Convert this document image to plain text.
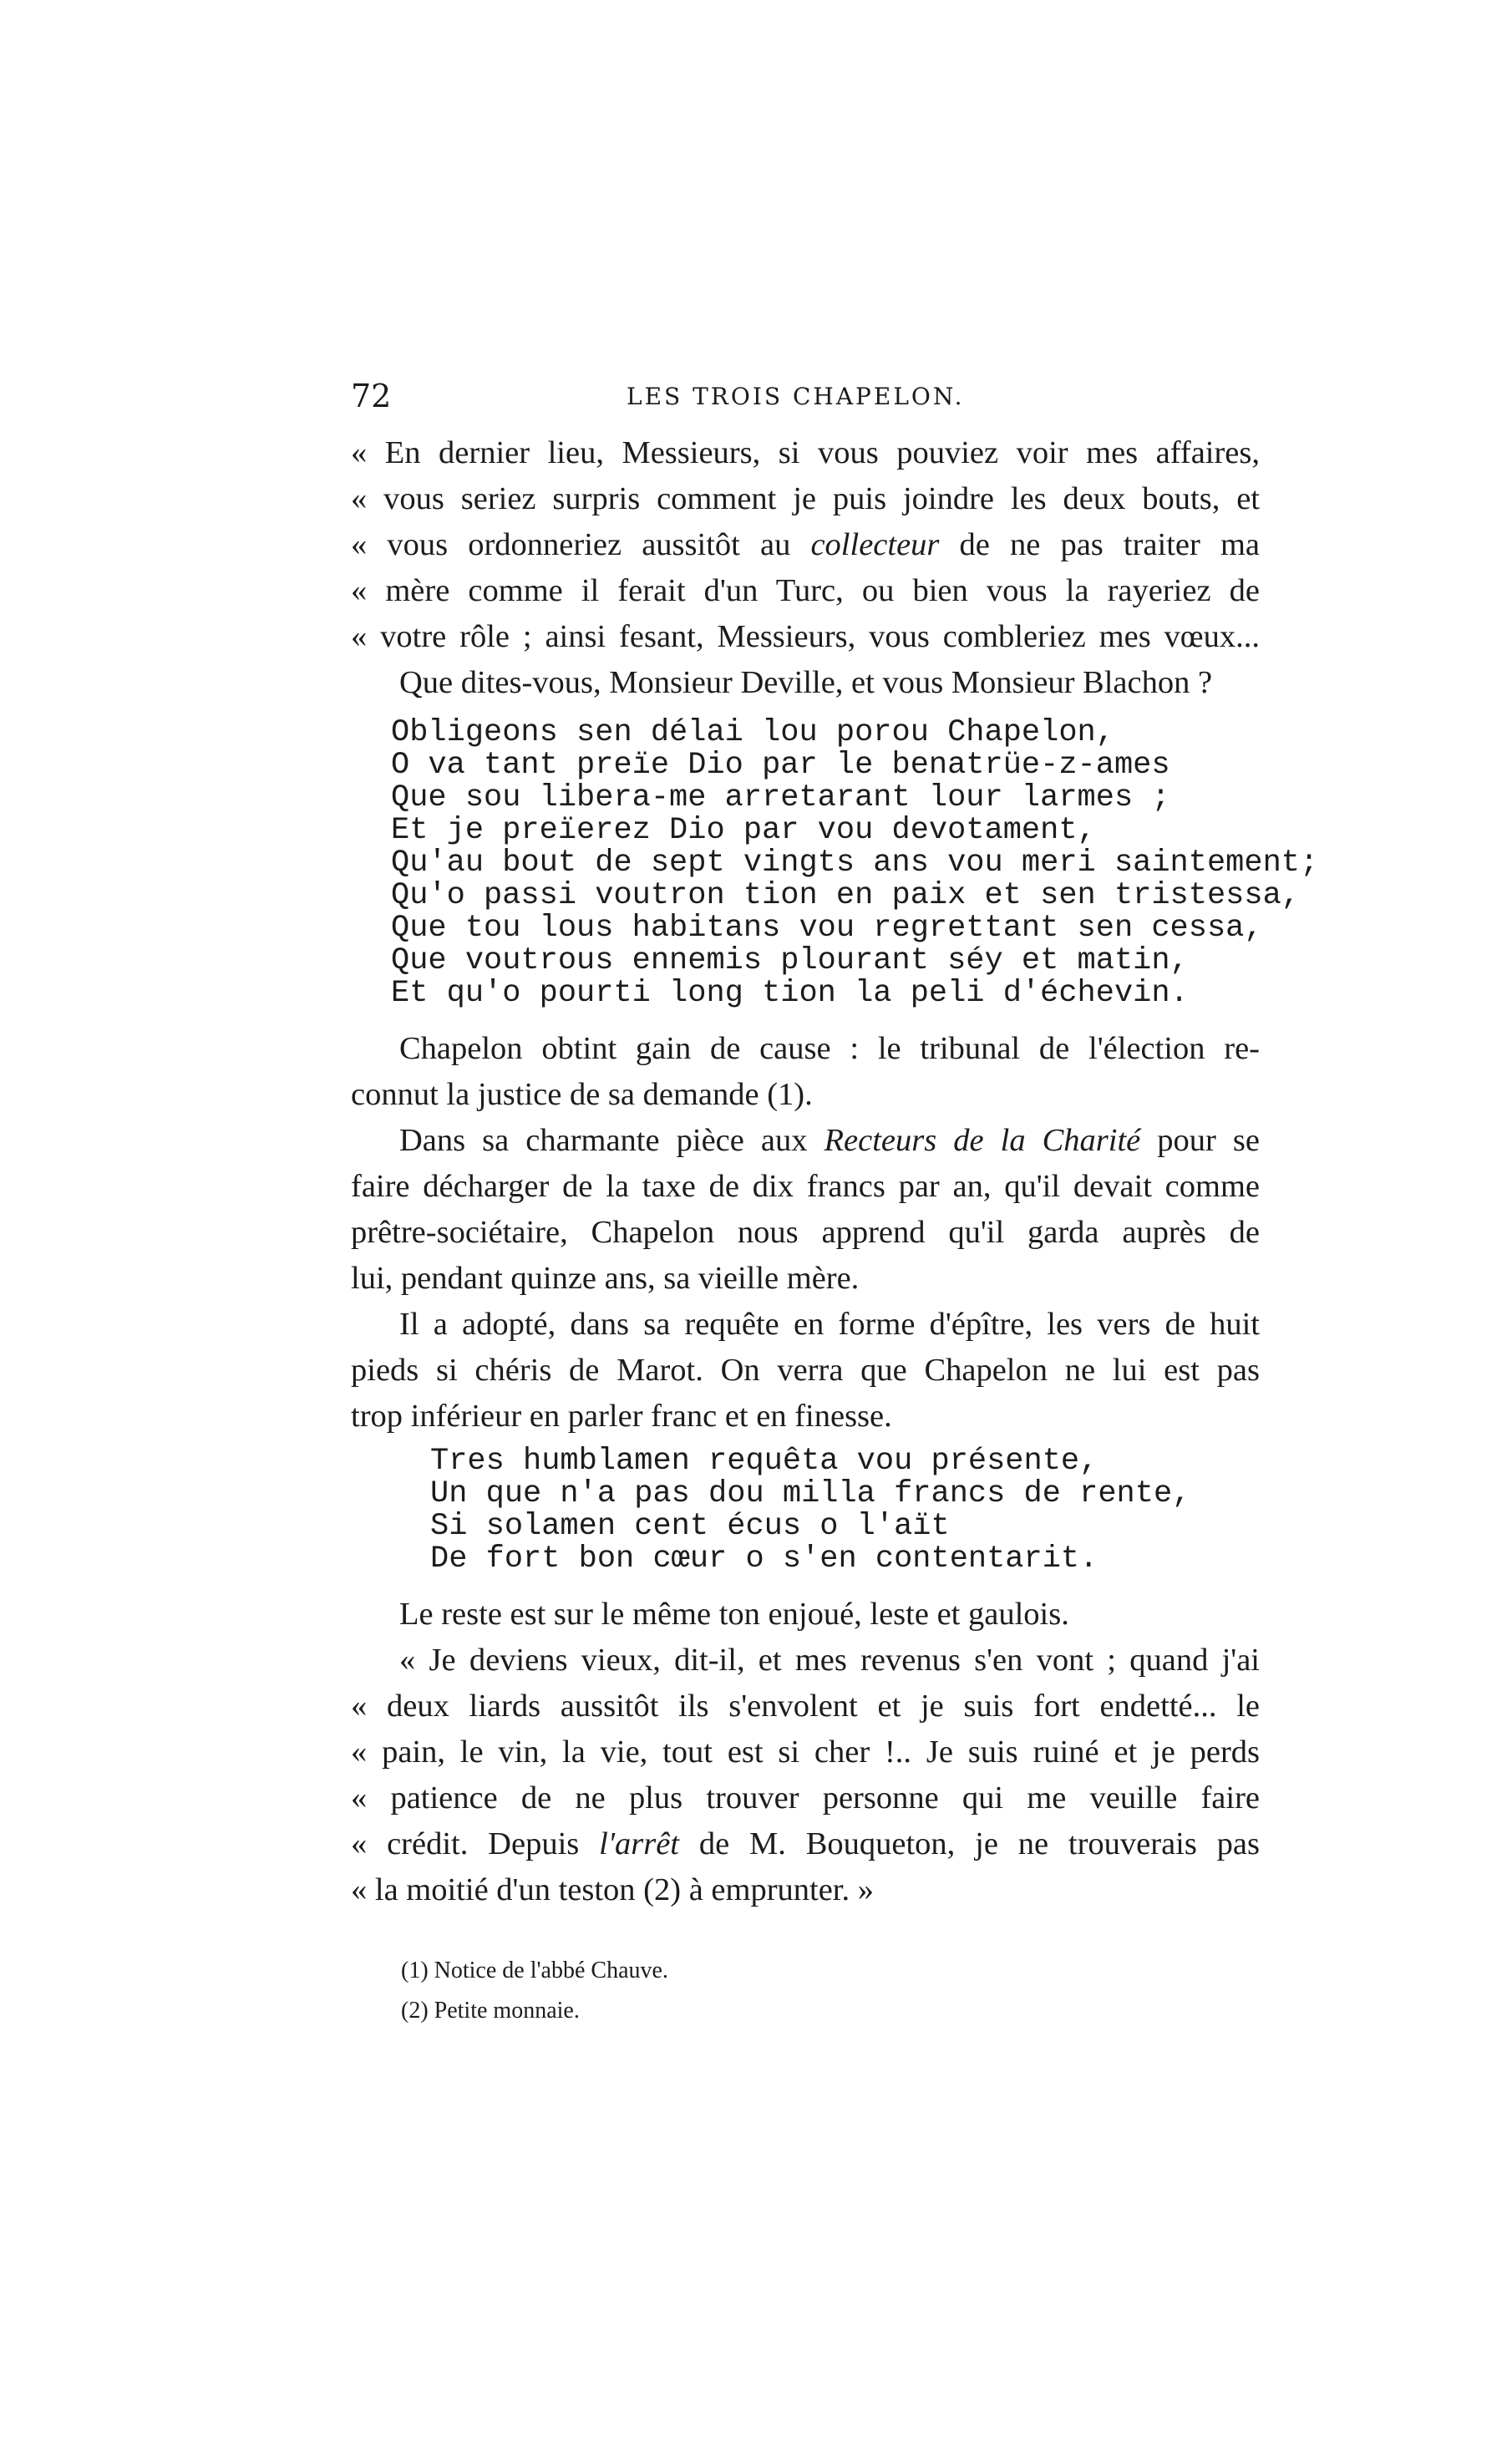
72	LES TROIS CHAPELON.
« En dernier lieu, Messieurs, si vous pouviez voir mes affaires,
« vous seriez surpris comment je puis joindre les deux bouts, et
« vous ordonneriez aussitôt au collecteur de ne pas traiter ma
« mère comme il ferait d'un Turc, ou bien vous la rayeriez de
« votre rôle ; ainsi fesant, Messieurs, vous combleriez mes vœux...
Que dites-vous, Monsieur Deville, et vous Monsieur Blachon ?
Obligeons sen délai lou porou Chapelon,
O va tant preïe Dio par le benatrüe-z-ames
Que sou libera-me arretarant lour larmes ;
Et je preïerez Dio par vou devotament,
Qu'au bout de sept vingts ans vou meri saintement;
Qu'o passi voutron tion en paix et sen tristessa,
Que tou lous habitans vou regrettant sen cessa,
Que voutrous ennemis plourant séy et matin,
Et qu'o pourti long tion la peli d'échevin.
Chapelon obtint gain de cause : le tribunal de l'élection re-
connut la justice de sa demande (1).
Dans sa charmante pièce aux Recteurs de la Charité pour se
faire décharger de la taxe de dix francs par an, qu'il devait comme
prêtre-sociétaire, Chapelon nous apprend qu'il garda auprès de
lui, pendant quinze ans, sa vieille mère.
Il a adopté, dans sa requête en forme d'épître, les vers de huit
pieds si chéris de Marot. On verra que Chapelon ne lui est pas
trop inférieur en parler franc et en finesse.
Tres humblamen requêta vou présente,
Un que n'a pas dou milla francs de rente,
Si solamen cent écus o l'aït
De fort bon cœur o s'en contentarit.
Le reste est sur le même ton enjoué, leste et gaulois.
« Je deviens vieux, dit-il, et mes revenus s'en vont ; quand j'ai
« deux liards aussitôt ils s'envolent et je suis fort endetté... le
« pain, le vin, la vie, tout est si cher !.. Je suis ruiné et je perds
« patience de ne plus trouver personne qui me veuille faire
« crédit. Depuis l'arrêt de M. Bouqueton, je ne trouverais pas
« la moitié d'un teston (2) à emprunter. »
(1) Notice de l'abbé Chauve.
(2) Petite monnaie.
